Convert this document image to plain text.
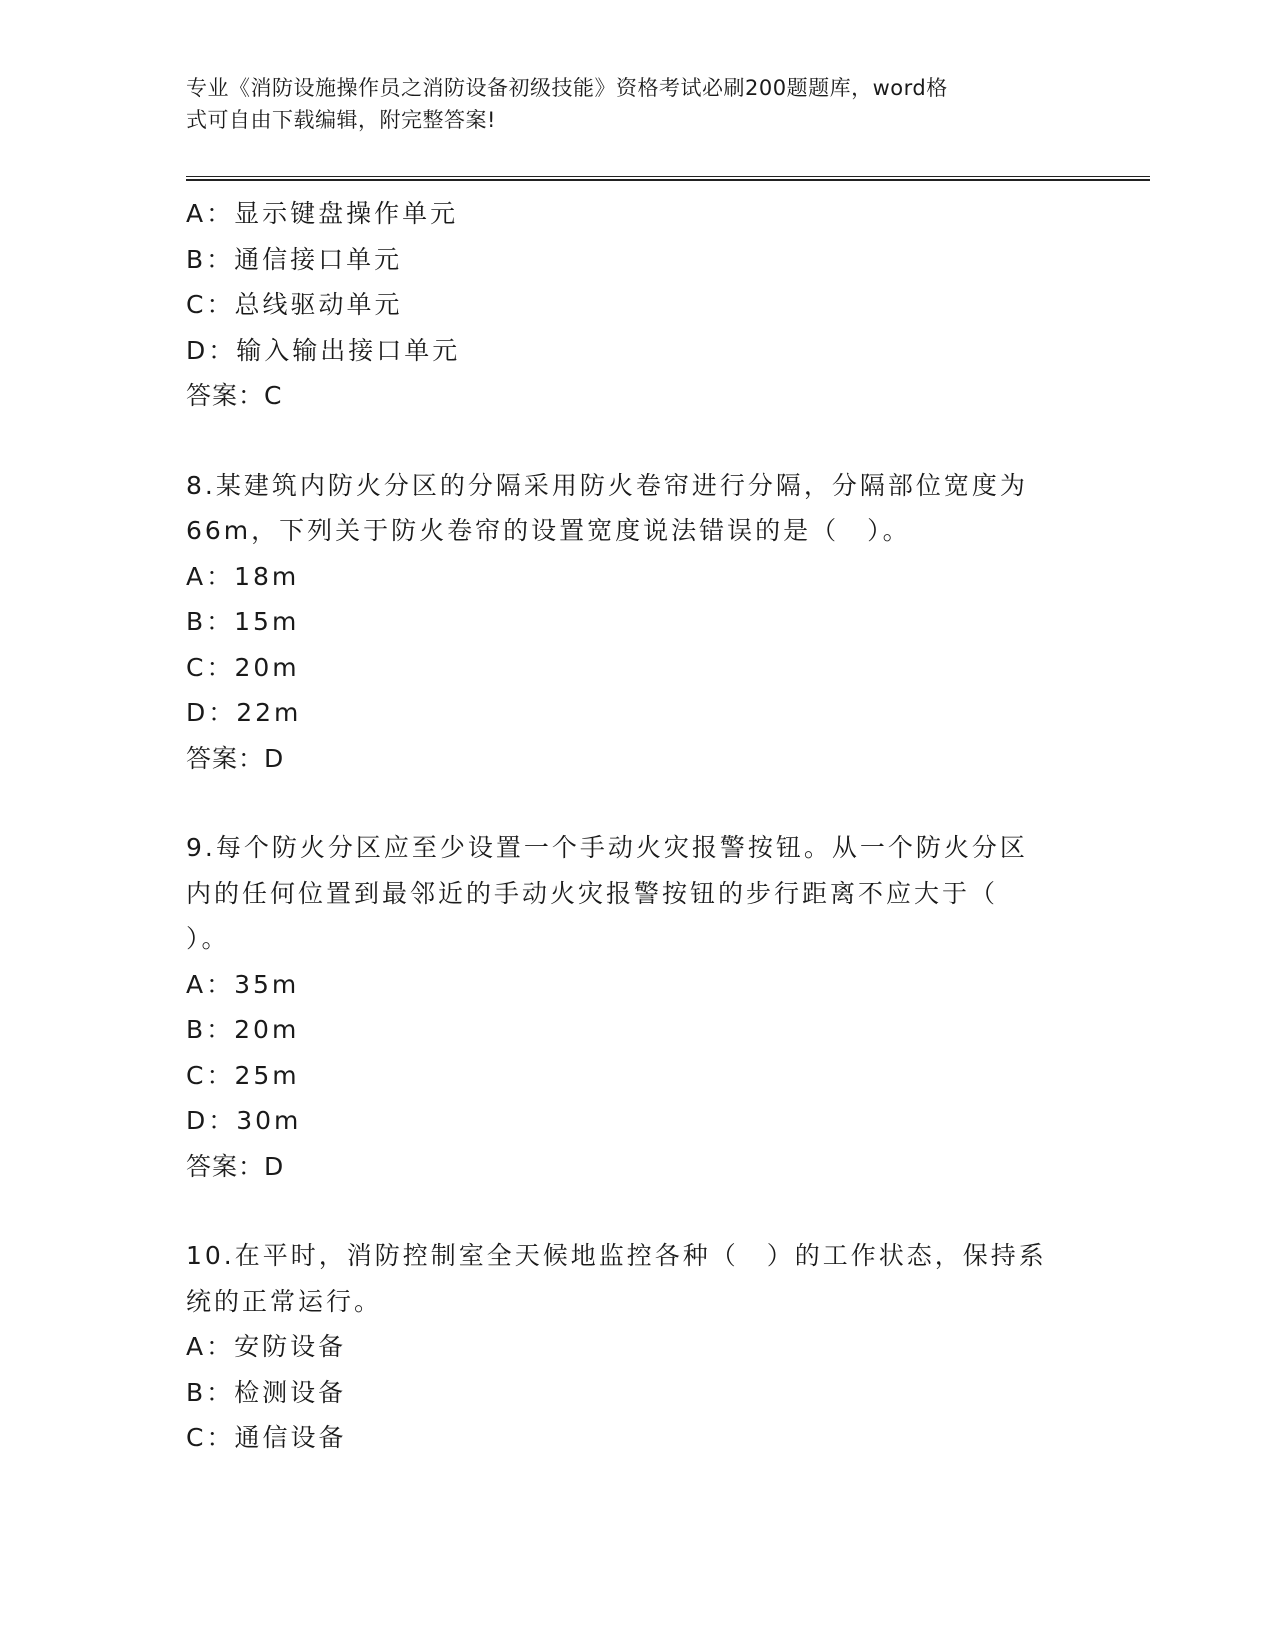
专业《消防设施操作员之消防设备初级技能》资格考试必刷200题题库，word格
式可自由下载编辑，附完整答案!
A：显示键盘操作单元
B：通信接口单元
C：总线驱动单元
D：输入输出接口单元
答案：C
8.某建筑内防火分区的分隔采用防火卷帘进行分隔，分隔部位宽度为
66m，下列关于防火卷帘的设置宽度说法错误的是（　）。
A：18m
B：15m
C：20m
D：22m
答案：D
9.每个防火分区应至少设置一个手动火灾报警按钮。从一个防火分区
内的任何位置到最邻近的手动火灾报警按钮的步行距离不应大于（
）。
A：35m
B：20m
C：25m
D：30m
答案：D
10.在平时，消防控制室全天候地监控各种（　）的工作状态，保持系
统的正常运行。
A：安防设备
B：检测设备
C：通信设备
